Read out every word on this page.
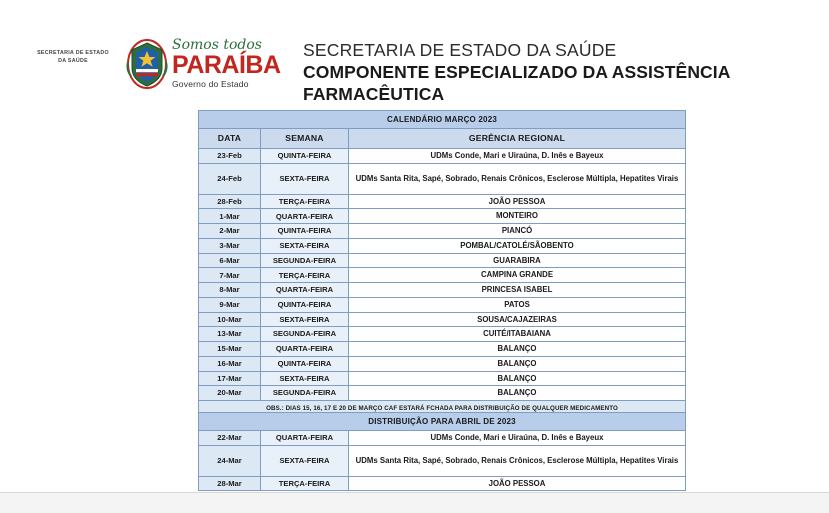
SECRETARIA DE ESTADO
DA SAÚDE
Somos todos
PARAÍBA
Governo do Estado
SECRETARIA DE ESTADO DA SAÚDE
COMPONENTE ESPECIALIZADO DA ASSISTÊNCIA FARMACÊUTICA
CALENDÁRIO MARÇO 2023		
DATA	SEMANA	GERÊNCIA REGIONAL
23-Feb	QUINTA-FEIRA	UDMs Conde, Mari e Uiraúna, D. Inês e Bayeux
24-Feb	SEXTA-FEIRA	UDMs Santa Rita, Sapé, Sobrado, Renais Crônicos, Esclerose Múltipla, Hepatites Virais
28-Feb	TERÇA-FEIRA	JOÃO PESSOA
1-Mar	QUARTA-FEIRA	MONTEIRO
2-Mar	QUINTA-FEIRA	PIANCÓ
3-Mar	SEXTA-FEIRA	POMBAL/CATOLÉ/SÃOBENTO
6-Mar	SEGUNDA-FEIRA	GUARABIRA
7-Mar	TERÇA-FEIRA	CAMPINA GRANDE
8-Mar	QUARTA-FEIRA	PRINCESA ISABEL
9-Mar	QUINTA-FEIRA	PATOS
10-Mar	SEXTA-FEIRA	SOUSA/CAJAZEIRAS
13-Mar	SEGUNDA-FEIRA	CUITÉ/ITABAIANA
15-Mar	QUARTA-FEIRA	BALANÇO
16-Mar	QUINTA-FEIRA	BALANÇO
17-Mar	SEXTA-FEIRA	BALANÇO
20-Mar	SEGUNDA-FEIRA	BALANÇO
OBS.: DIAS 15, 16, 17 E 20 DE MARÇO CAF ESTARÁ FCHADA PARA DISTRIBUIÇÃO DE QUALQUER MEDICAMENTO		
DISTRIBUIÇÃO PARA ABRIL DE 2023		
22-Mar	QUARTA-FEIRA	UDMs Conde, Mari e Uiraúna, D. Inês e Bayeux
24-Mar	SEXTA-FEIRA	UDMs Santa Rita, Sapé, Sobrado, Renais Crônicos, Esclerose Múltipla, Hepatites Virais
28-Mar	TERÇA-FEIRA	JOÃO PESSOA
